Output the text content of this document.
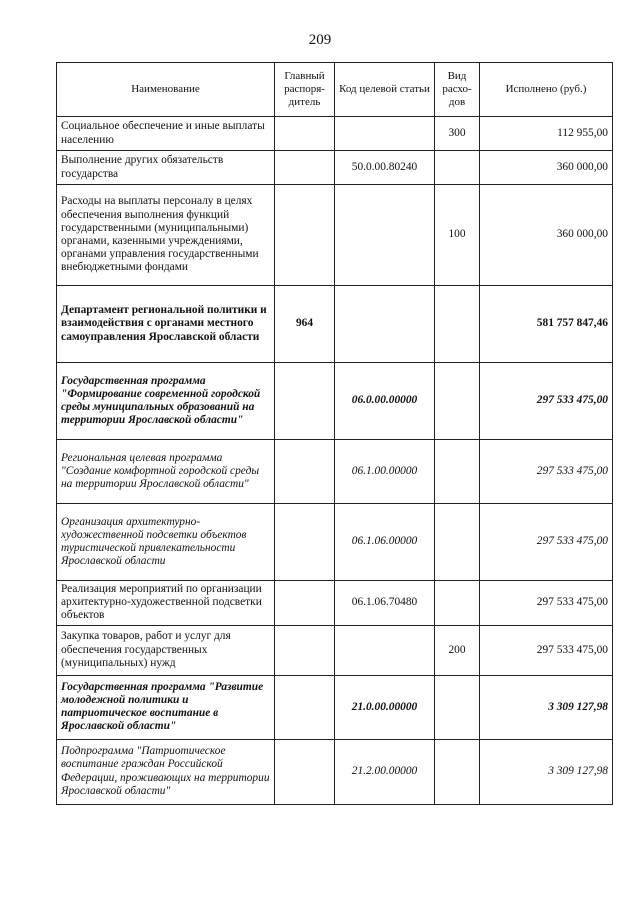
209
Наименование	Главный распоря-дитель	Код целевой статьи	Вид расхо-дов	Исполнено (руб.)
Социальное обеспечение и иные выплаты населению			300	112 955,00
Выполнение других обязательств государства		50.0.00.80240		360 000,00
Расходы на выплаты персоналу в целях обеспечения выполнения функций государственными (муниципальными) органами, казенными учреждениями, органами управления государственными внебюджетными фондами			100	360 000,00
Департамент региональной политики и взаимодействия с органами местного самоуправления Ярославской области	964			581 757 847,46
Государственная программа "Формирование современной городской среды муниципальных образований на территории Ярославской области"		06.0.00.00000		297 533 475,00
Региональная целевая программа "Создание комфортной городской среды на территории Ярославской области"		06.1.00.00000		297 533 475,00
Организация архитектурно-художественной подсветки объектов туристической привлекательности Ярославской области		06.1.06.00000		297 533 475,00
Реализация мероприятий по организации архитектурно-художественной подсветки объектов		06.1.06.70480		297 533 475,00
Закупка товаров, работ и услуг для обеспечения государственных (муниципальных) нужд			200	297 533 475,00
Государственная программа "Развитие молодежной политики и патриотическое воспитание в Ярославской области"		21.0.00.00000		3 309 127,98
Подпрограмма "Патриотическое воспитание граждан Российской Федерации, проживающих на территории Ярославской области"		21.2.00.00000		3 309 127,98
